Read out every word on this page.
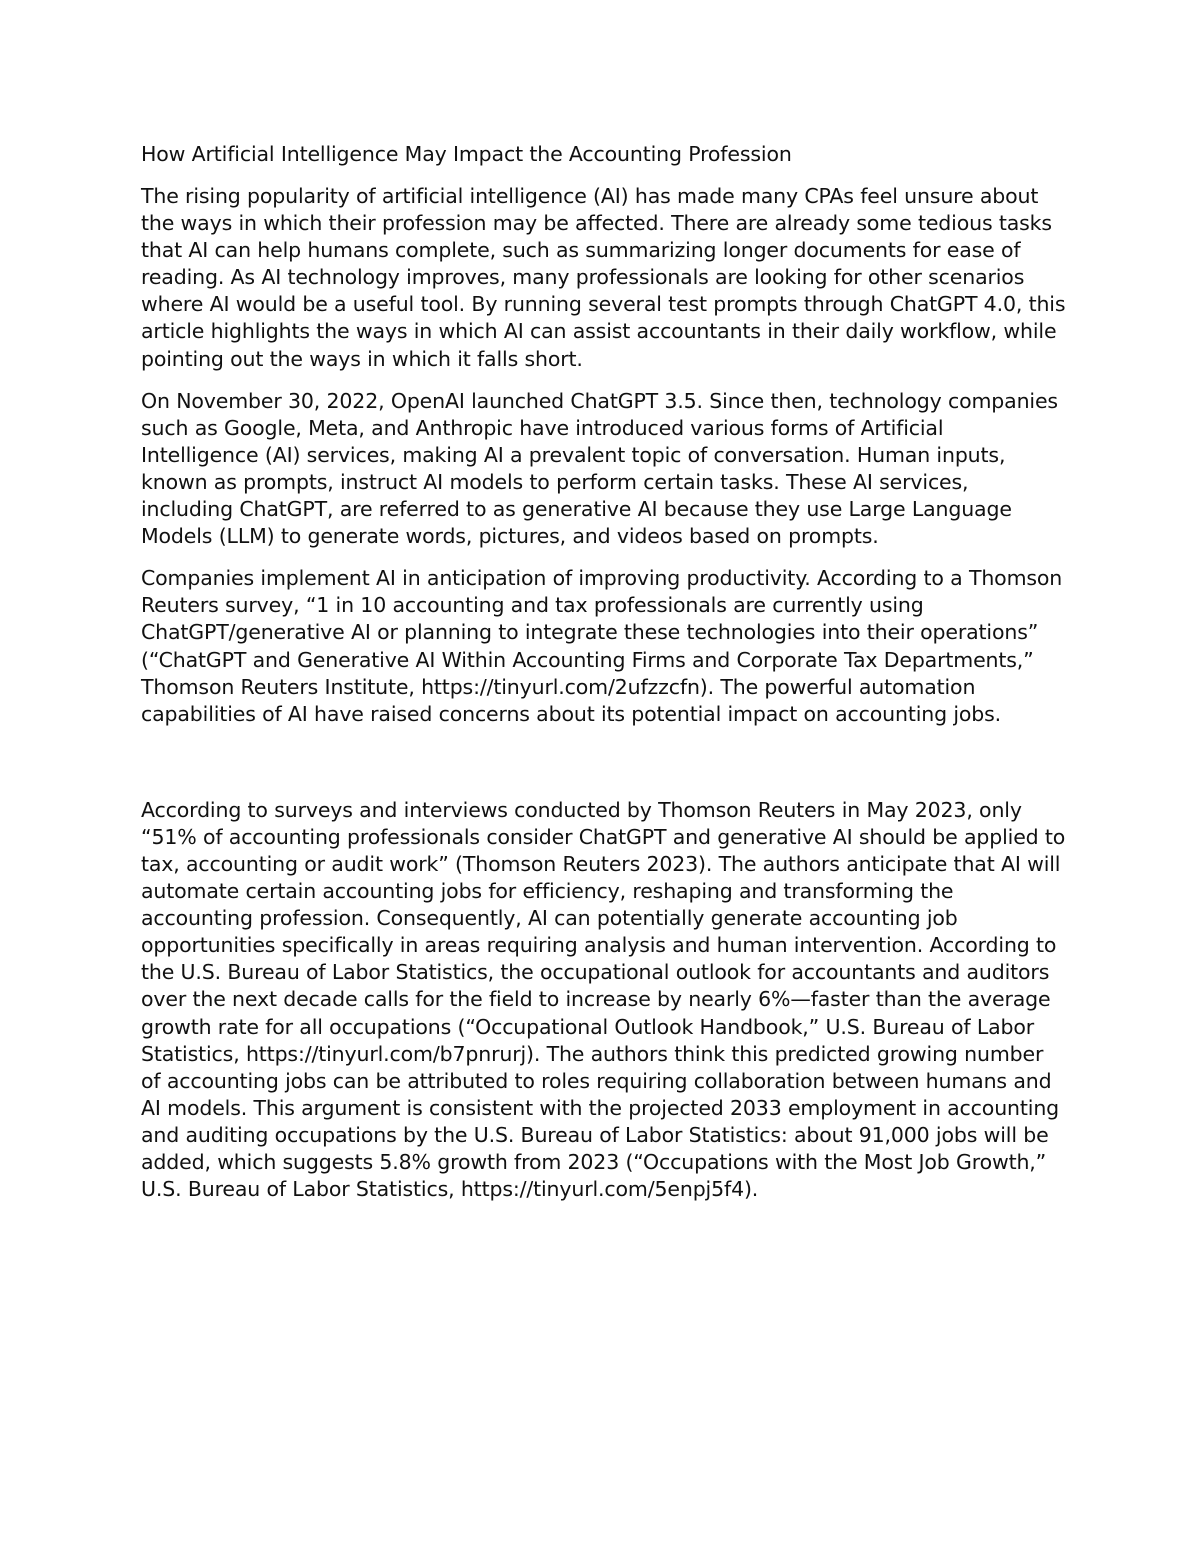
How Artificial Intelligence May Impact the Accounting Profession

The rising popularity of artificial intelligence (AI) has made many CPAs feel unsure about the ways in which their profession may be affected. There are already some tedious tasks that AI can help humans complete, such as summarizing longer documents for ease of reading. As AI technology improves, many professionals are looking for other scenarios where AI would be a useful tool. By running several test prompts through ChatGPT 4.0, this article highlights the ways in which AI can assist accountants in their daily workflow, while pointing out the ways in which it falls short.

On November 30, 2022, OpenAI launched ChatGPT 3.5. Since then, technology companies such as Google, Meta, and Anthropic have introduced various forms of Artificial Intelligence (AI) services, making AI a prevalent topic of conversation. Human inputs, known as prompts, instruct AI models to perform certain tasks. These AI services, including ChatGPT, are referred to as generative AI because they use Large Language Models (LLM) to generate words, pictures, and videos based on prompts.

Companies implement AI in anticipation of improving productivity. According to a Thomson Reuters survey, “1 in 10 accounting and tax professionals are currently using ChatGPT/generative AI or planning to integrate these technologies into their operations” (“ChatGPT and Generative AI Within Accounting Firms and Corporate Tax Departments,” Thomson Reuters Institute, https://tinyurl.com/2ufzzcfn). The powerful automation capabilities of AI have raised concerns about its potential impact on accounting jobs.

According to surveys and interviews conducted by Thomson Reuters in May 2023, only “51% of accounting professionals consider ChatGPT and generative AI should be applied to tax, accounting or audit work” (Thomson Reuters 2023). The authors anticipate that AI will automate certain accounting jobs for efficiency, reshaping and transforming the accounting profession. Consequently, AI can potentially generate accounting job opportunities specifically in areas requiring analysis and human intervention. According to the U.S. Bureau of Labor Statistics, the occupational outlook for accountants and auditors over the next decade calls for the field to increase by nearly 6%—faster than the average growth rate for all occupations (“Occupational Outlook Handbook,” U.S. Bureau of Labor Statistics, https://tinyurl.com/b7pnrurj). The authors think this predicted growing number of accounting jobs can be attributed to roles requiring collaboration between humans and AI models. This argument is consistent with the projected 2033 employment in accounting and auditing occupations by the U.S. Bureau of Labor Statistics: about 91,000 jobs will be added, which suggests 5.8% growth from 2023 (“Occupations with the Most Job Growth,” U.S. Bureau of Labor Statistics, https://tinyurl.com/5enpj5f4).
